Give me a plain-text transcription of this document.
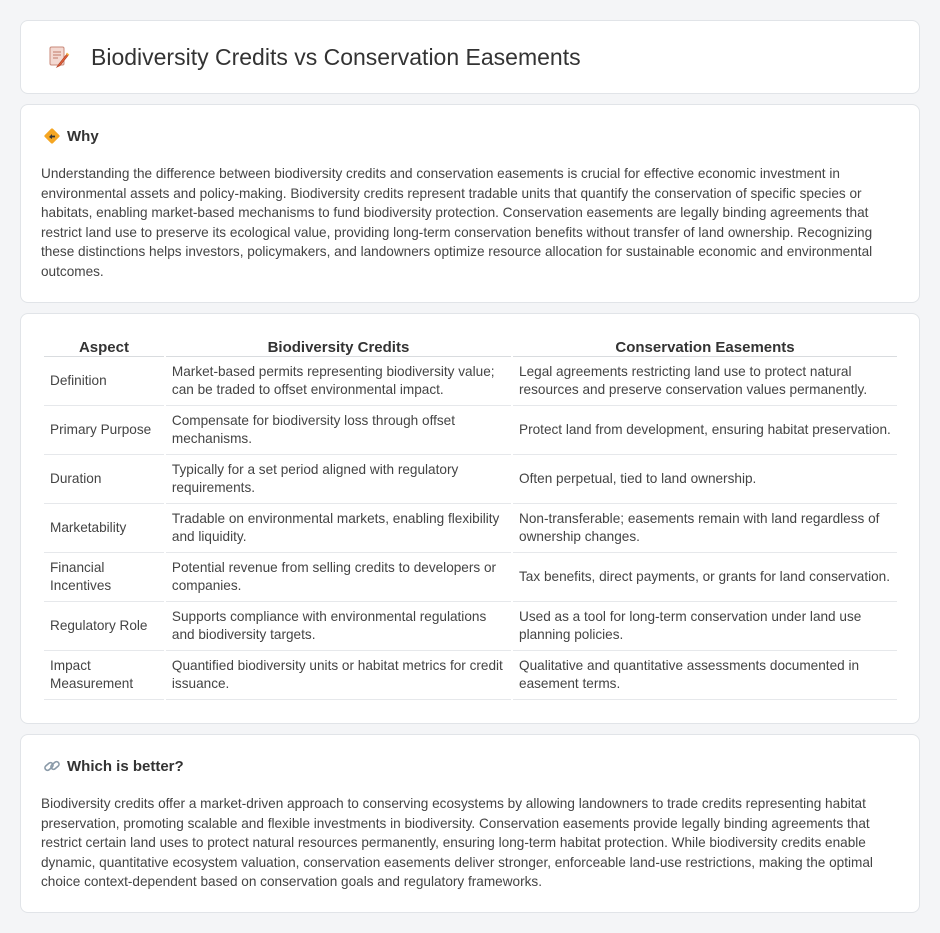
Biodiversity Credits vs Conservation Easements
Why

Understanding the difference between biodiversity credits and conservation easements is crucial for effective economic investment in environmental assets and policy-making. Biodiversity credits represent tradable units that quantify the conservation of specific species or habitats, enabling market-based mechanisms to fund biodiversity protection. Conservation easements are legally binding agreements that restrict land use to preserve its ecological value, providing long-term conservation benefits without transfer of land ownership. Recognizing these distinctions helps investors, policymakers, and landowners optimize resource allocation for sustainable economic and environmental outcomes.

Aspect	Biodiversity Credits	Conservation Easements
Definition	Market-based permits representing biodiversity value; can be traded to offset environmental impact.	Legal agreements restricting land use to protect natural resources and preserve conservation values permanently.
Primary Purpose	Compensate for biodiversity loss through offset mechanisms.	Protect land from development, ensuring habitat preservation.
Duration	Typically for a set period aligned with regulatory requirements.	Often perpetual, tied to land ownership.
Marketability	Tradable on environmental markets, enabling flexibility and liquidity.	Non-transferable; easements remain with land regardless of ownership changes.
Financial Incentives	Potential revenue from selling credits to developers or companies.	Tax benefits, direct payments, or grants for land conservation.
Regulatory Role	Supports compliance with environmental regulations and biodiversity targets.	Used as a tool for long-term conservation under land use planning policies.
Impact Measurement	Quantified biodiversity units or habitat metrics for credit issuance.	Qualitative and quantitative assessments documented in easement terms.
Which is better?

Biodiversity credits offer a market-driven approach to conserving ecosystems by allowing landowners to trade credits representing habitat preservation, promoting scalable and flexible investments in biodiversity. Conservation easements provide legally binding agreements that restrict certain land uses to protect natural resources permanently, ensuring long-term habitat protection. While biodiversity credits enable dynamic, quantitative ecosystem valuation, conservation easements deliver stronger, enforceable land-use restrictions, making the optimal choice context-dependent based on conservation goals and regulatory frameworks.
